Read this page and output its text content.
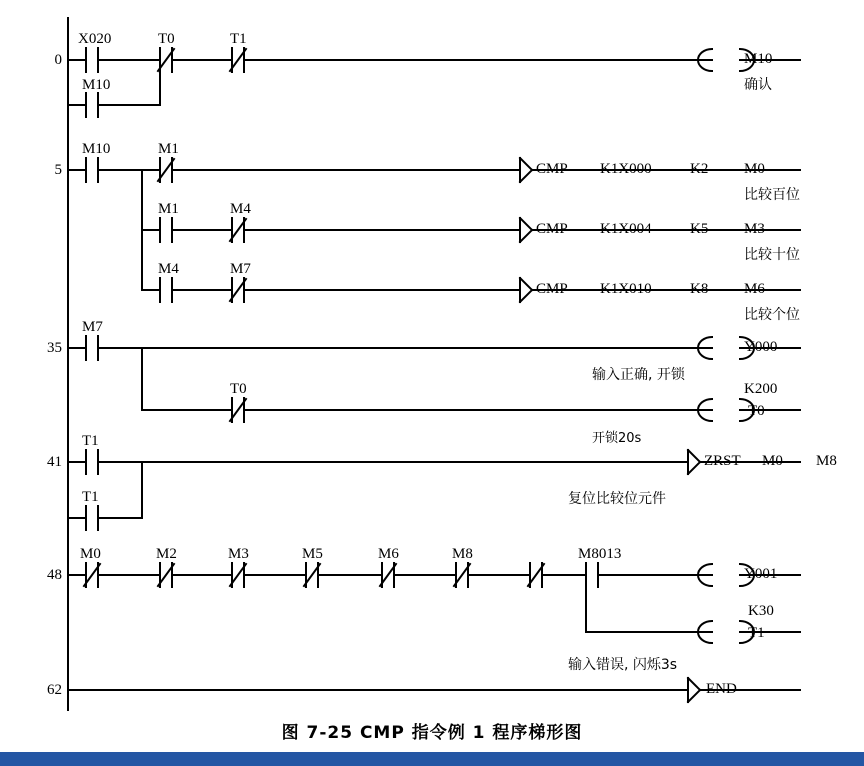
0
X020	T0	T1
M10
确认
M10
5
M10	M1
CMP K1X000	K2 M0
比较百位
M1	M4
CMP K1X004	K5 M3
比较十位
M4	M7
CMP K1X010	K8 M6
比较个位
35
M7
Y000
输入正确, 开锁
T0	K200
T0
开锁20s
41
T1
ZRST M0 M8
复位比较位元件
T1
48
M0	M2	M3	M5	M6	M8	M8013
Y001
K30
T1
输入错误, 闪烁3s
62	END
图 7-25 CMP 指令例 1 程序梯形图
